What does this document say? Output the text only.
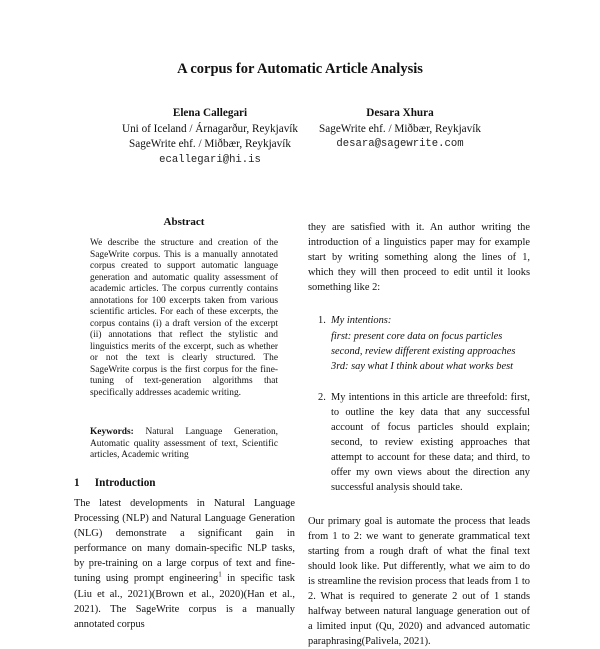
A corpus for Automatic Article Analysis
Elena Callegari
Uni of Iceland / Árnagarður, Reykjavík
SageWrite ehf. / Miðbær, Reykjavík
ecallegari@hi.is
Desara Xhura
SageWrite ehf. / Miðbær, Reykjavík
desara@sagewrite.com
Abstract
We describe the structure and creation of the SageWrite corpus. This is a manually annotated corpus created to support automatic language generation and automatic quality assessment of academic articles. The corpus currently contains annotations for 100 excerpts taken from various scientific articles. For each of these excerpts, the corpus contains (i) a draft version of the excerpt (ii) annotations that reflect the stylistic and linguistics merits of the excerpt, such as whether or not the text is clearly structured. The SageWrite corpus is the first corpus for the fine-tuning of text-generation algorithms that specifically addresses academic writing.
Keywords: Natural Language Generation, Automatic quality assessment of text, Scientific articles, Academic writing
1 Introduction
The latest developments in Natural Language Processing (NLP) and Natural Language Generation (NLG) demonstrate a significant gain in performance on many domain-specific NLP tasks, by pre-training on a large corpus of text and fine-tuning using prompt engineering$^1$ in specific task (Liu et al., 2021)(Brown et al., 2020)(Han et al., 2021). The SageWrite corpus is a manually annotated corpus
they are satisfied with it. An author writing the introduction of a linguistics paper may for example start by writing something along the lines of 1, which they will then proceed to edit until it looks something like 2:
1. My intentions:
first: present core data on focus particles
second, review different existing approaches
3rd: say what I think about what works best
2. My intentions in this article are threefold: first, to outline the key data that any successful account of focus particles should explain; second, to review existing approaches that attempt to account for these data; and third, to offer my own views about the direction any successful analysis should take.
Our primary goal is automate the process that leads from 1 to 2: we want to generate grammatical text starting from a rough draft of what the final text should look like. Put differently, what we aim to do is streamline the revision process that leads from 1 to 2. What is required to generate 2 out of 1 stands halfway between natural language generation out of a limited input (Qu, 2020) and advanced automatic paraphrasing(Palivela, 2021).
